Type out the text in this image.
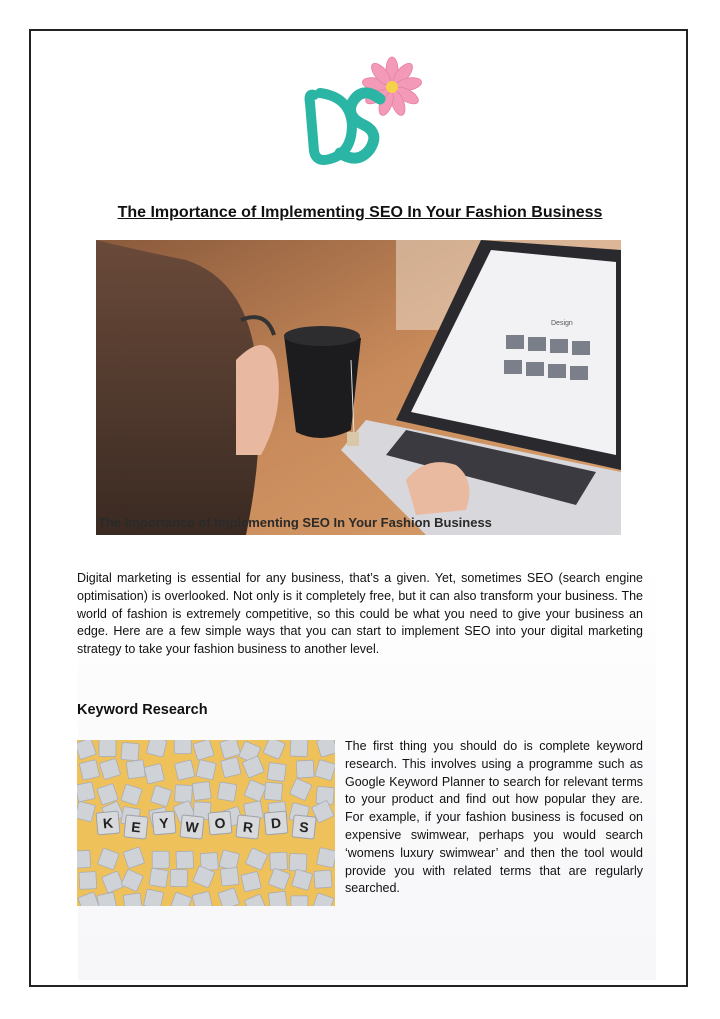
The Importance of Implementing SEO In Your Fashion Business
Design
The Importance of Implementing SEO In Your Fashion Business

Digital marketing is essential for any business, that’s a given. Yet, sometimes SEO (search engine optimisation) is overlooked. Not only is it completely free, but it can also transform your business. The world of fashion is extremely competitive, so this could be what you need to give your business an edge. Here are a few simple ways that you can start to implement SEO into your digital marketing strategy to take your fashion business to another level.

Keyword Research
K E Y W O R D S

The first thing you should do is complete keyword research. This involves using a programme such as Google Keyword Planner to search for relevant terms to your product and find out how popular they are. For example, if your fashion business is focused on expensive swimwear, perhaps you would search ‘womens luxury swimwear’ and then the tool would provide you with related terms that are regularly searched.
